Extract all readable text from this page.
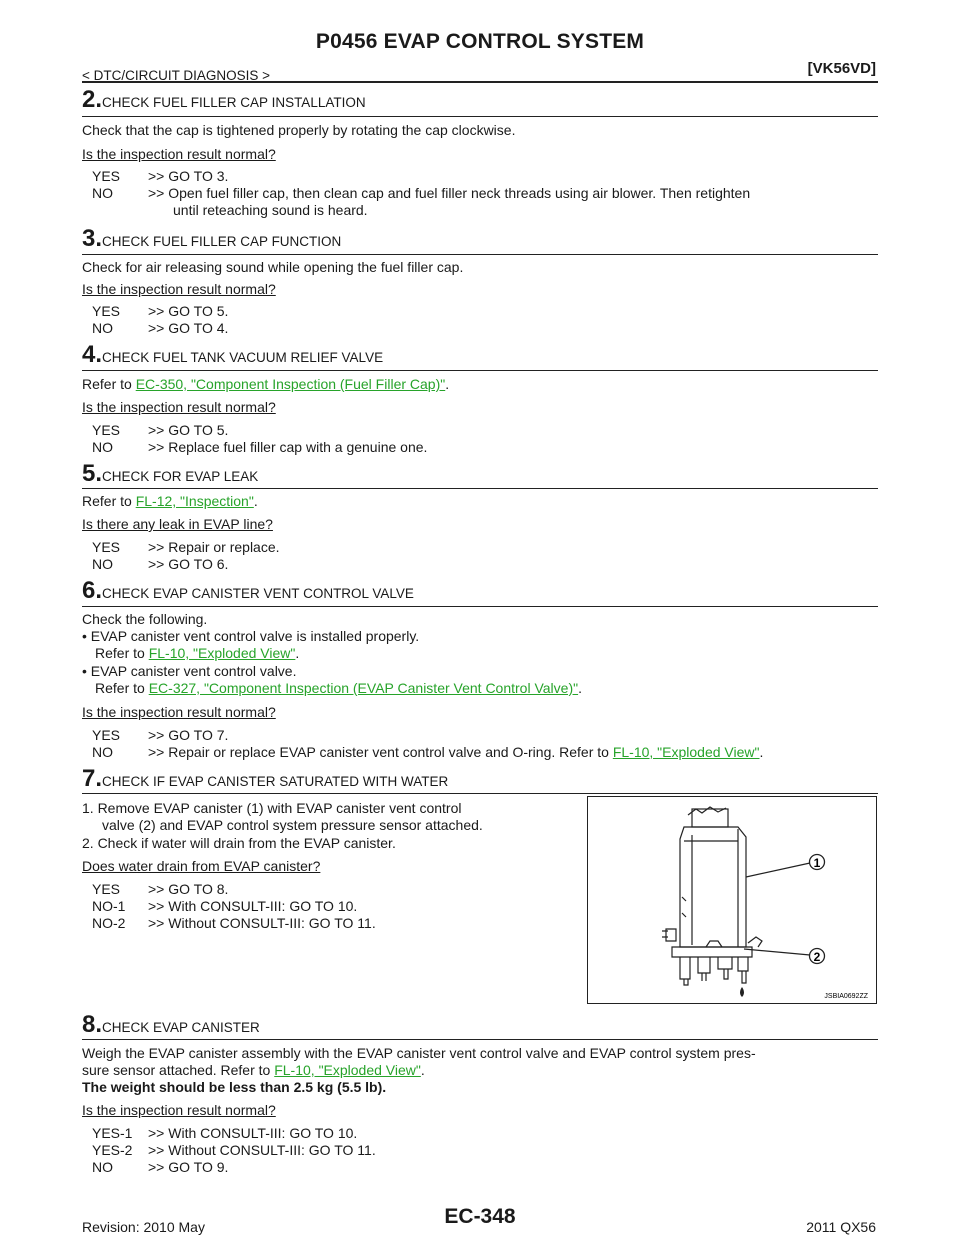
P0456 EVAP CONTROL SYSTEM
< DTC/CIRCUIT DIAGNOSIS >	[VK56VD]
2.CHECK FUEL FILLER CAP INSTALLATION
Check that the cap is tightened properly by rotating the cap clockwise.
Is the inspection result normal?
YES >> GO TO 3.
NO	>> Open fuel filler cap, then clean cap and fuel filler neck threads using air blower. Then retighten
until reteaching sound is heard.
3.CHECK FUEL FILLER CAP FUNCTION
Check for air releasing sound while opening the fuel filler cap.
Is the inspection result normal?
YES >> GO TO 5.
NO	>> GO TO 4.
4.CHECK FUEL TANK VACUUM RELIEF VALVE
Refer to EC-350, "Component Inspection (Fuel Filler Cap)".
Is the inspection result normal?
YES >> GO TO 5.
NO	>> Replace fuel filler cap with a genuine one.
5.CHECK FOR EVAP LEAK
Refer to FL-12, "Inspection".
Is there any leak in EVAP line?
YES >> Repair or replace.
NO	>> GO TO 6.
6.CHECK EVAP CANISTER VENT CONTROL VALVE
Check the following.
• EVAP canister vent control valve is installed properly.
Refer to FL-10, "Exploded View".
• EVAP canister vent control valve.
Refer to EC-327, "Component Inspection (EVAP Canister Vent Control Valve)".
Is the inspection result normal?
YES >> GO TO 7.
NO	>> Repair or replace EVAP canister vent control valve and O-ring. Refer to FL-10, "Exploded View".
7.CHECK IF EVAP CANISTER SATURATED WITH WATER
1. Remove EVAP canister (1) with EVAP canister vent control
valve (2) and EVAP control system pressure sensor attached.
2. Check if water will drain from the EVAP canister.
Does water drain from EVAP canister?
YES >> GO TO 8.
NO-1 >> With CONSULT-III: GO TO 10.
NO-2 >> Without CONSULT-III: GO TO 11.
1
2
JSBIA0692ZZ
8.CHECK EVAP CANISTER
Weigh the EVAP canister assembly with the EVAP canister vent control valve and EVAP control system pres-
sure sensor attached. Refer to FL-10, "Exploded View".
The weight should be less than 2.5 kg (5.5 lb).
Is the inspection result normal?
YES-1 >> With CONSULT-III: GO TO 10.
YES-2 >> Without CONSULT-III: GO TO 11.
NO	>> GO TO 9.
Revision: 2010 May	EC-348	2011 QX56
